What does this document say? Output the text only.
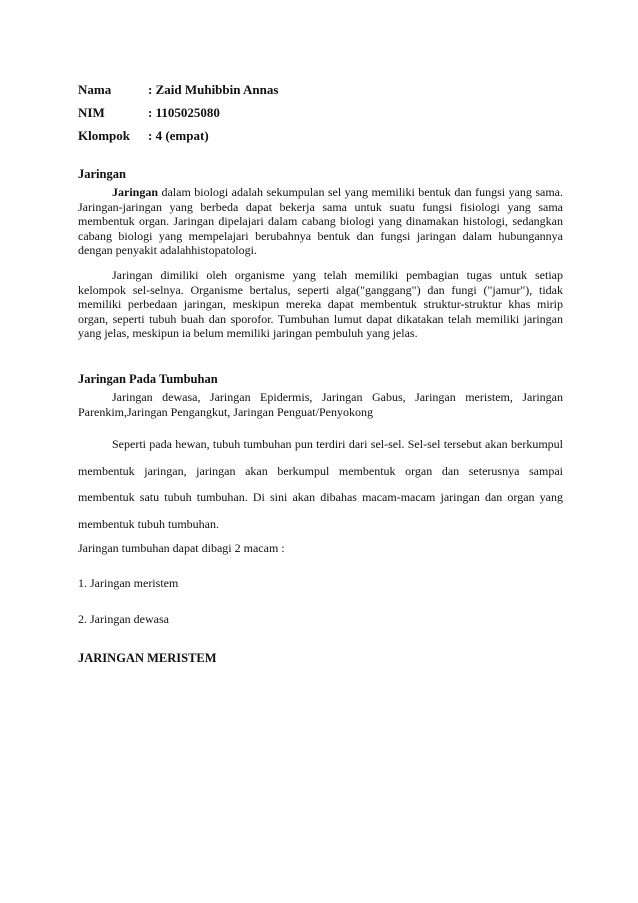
Nama	: Zaid Muhibbin Annas
NIM	: 1105025080
Klompok	: 4 (empat)
Jaringan
Jaringan dalam biologi adalah sekumpulan sel yang memiliki bentuk dan fungsi yang sama. Jaringan-jaringan yang berbeda dapat bekerja sama untuk suatu fungsi fisiologi yang sama membentuk organ. Jaringan dipelajari dalam cabang biologi yang dinamakan histologi, sedangkan cabang biologi yang mempelajari berubahnya bentuk dan fungsi jaringan dalam hubungannya dengan penyakit adalahhistopatologi.
Jaringan dimiliki oleh organisme yang telah memiliki pembagian tugas untuk setiap kelompok sel-selnya. Organisme bertalus, seperti alga("ganggang") dan fungi ("jamur"), tidak memiliki perbedaan jaringan, meskipun mereka dapat membentuk struktur-struktur khas mirip organ, seperti tubuh buah dan sporofor. Tumbuhan lumut dapat dikatakan telah memiliki jaringan yang jelas, meskipun ia belum memiliki jaringan pembuluh yang jelas.
Jaringan Pada Tumbuhan
Jaringan dewasa, Jaringan Epidermis, Jaringan Gabus, Jaringan meristem, Jaringan Parenkim,Jaringan Pengangkut, Jaringan Penguat/Penyokong
Seperti pada hewan, tubuh tumbuhan pun terdiri dari sel-sel. Sel-sel tersebut akan berkumpul membentuk jaringan, jaringan akan berkumpul membentuk organ dan seterusnya sampai membentuk satu tubuh tumbuhan. Di sini akan dibahas macam-macam jaringan dan organ yang membentuk tubuh tumbuhan.
Jaringan tumbuhan dapat dibagi 2 macam :
1. Jaringan meristem
2. Jaringan dewasa
JARINGAN MERISTEM
